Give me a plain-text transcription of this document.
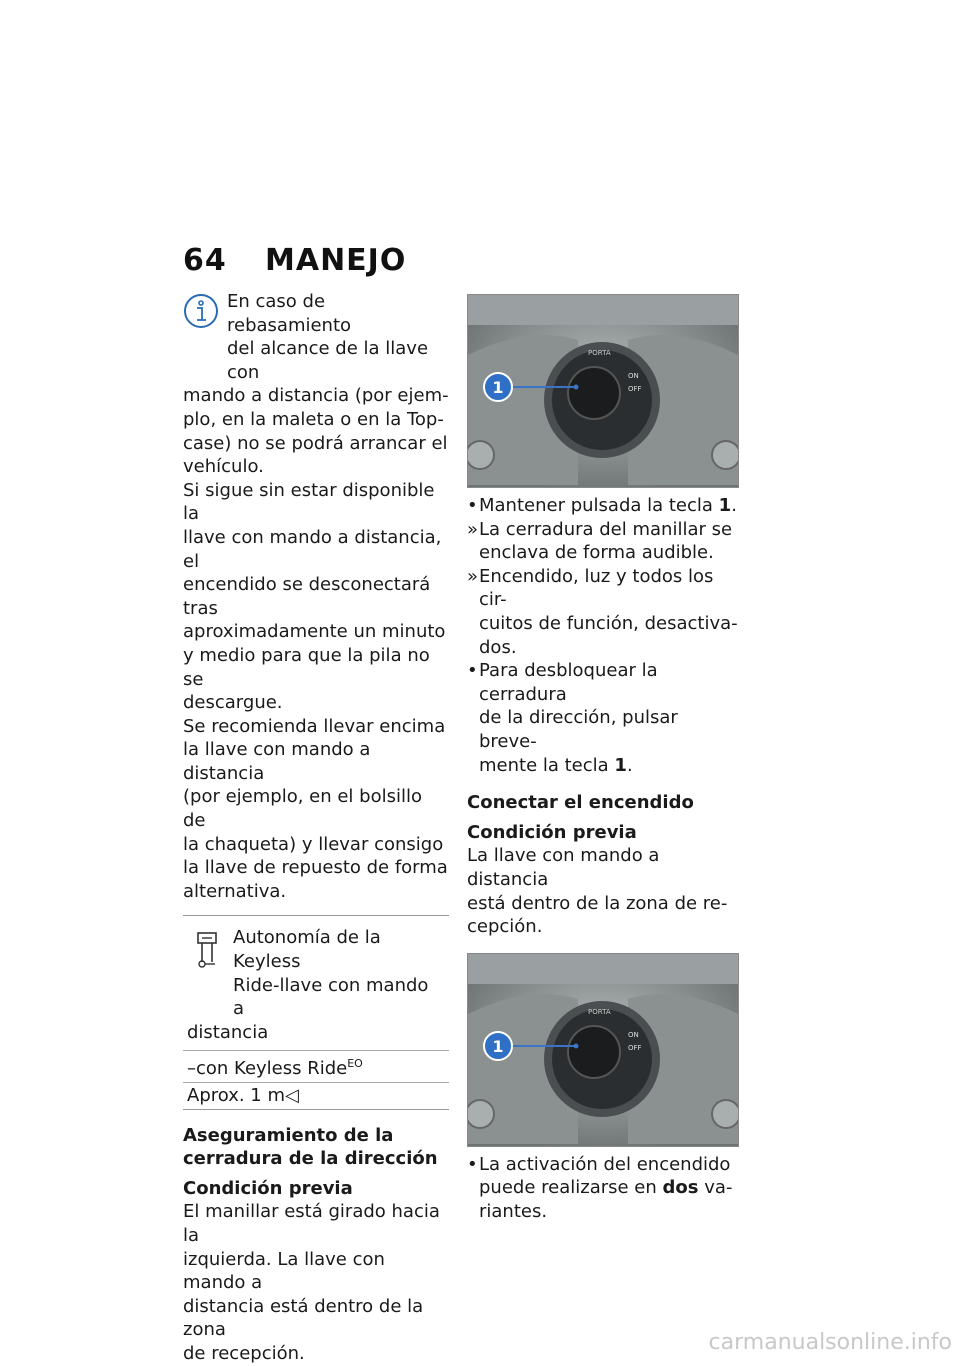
64 MANEJO

En caso de rebasamiento

del alcance de la llave con

mando a distancia (por ejem-

plo, en la maleta o en la Top-

case) no se podrá arrancar el

vehículo.

Si sigue sin estar disponible la

llave con mando a distancia, el

encendido se desconectará tras

aproximadamente un minuto

y medio para que la pila no se

descargue.

Se recomienda llevar encima

la llave con mando a distancia

(por ejemplo, en el bolsillo de

la chaqueta) y llevar consigo

la llave de repuesto de forma

alternativa.

Autonomía de la Keyless

Ride-llave con mando a

distancia

–con Keyless Ride$^{EO}$
Aprox. 1 m◁
Aseguramiento de la
cerradura de la dirección
Condición previa

El manillar está girado hacia la

izquierda. La llave con mando a

distancia está dentro de la zona

de recepción.

PORTA
ON
OFF
1
• Mantener pulsada la tecla 1.
» La cerradura del manillar se
enclava de forma audible.
» Encendido, luz y todos los cir-
cuitos de función, desactiva-
dos.
• Para desbloquear la cerradura
de la dirección, pulsar breve-
mente la tecla 1.
Conectar el encendido
Condición previa

La llave con mando a distancia

está dentro de la zona de re-

cepción.

PORTA
ON
OFF
1
• La activación del encendido
puede realizarse en dos va-
riantes.
carmanualsonline.info
